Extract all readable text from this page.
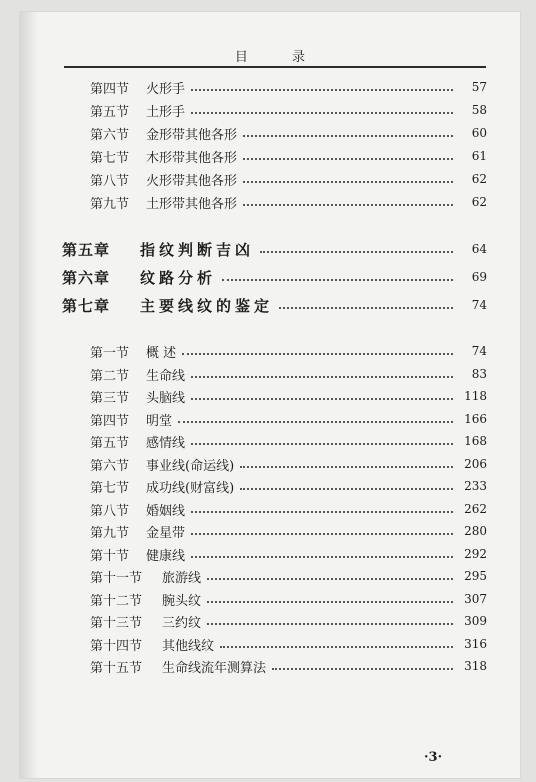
目 录
第四节	火形手	57
第五节	土形手	58
第六节	金形带其他各形	60
第七节	木形带其他各形	61
第八节	火形带其他各形	62
第九节	土形带其他各形	62
第五章	指纹判断吉凶	64
第六章	纹路分析	69
第七章	主要线纹的鉴定	74
第一节	概 述	74
第二节	生命线	83
第三节	头脑线	118
第四节	明堂	166
第五节	感情线	168
第六节	事业线(命运线)	206
第七节	成功线(财富线)	233
第八节	婚姻线	262
第九节	金星带	280
第十节	健康线	292
第十一节	旅游线	295
第十二节	腕头纹	307
第十三节	三约纹	309
第十四节	其他线纹	316
第十五节	生命线流年测算法	318
·3·
